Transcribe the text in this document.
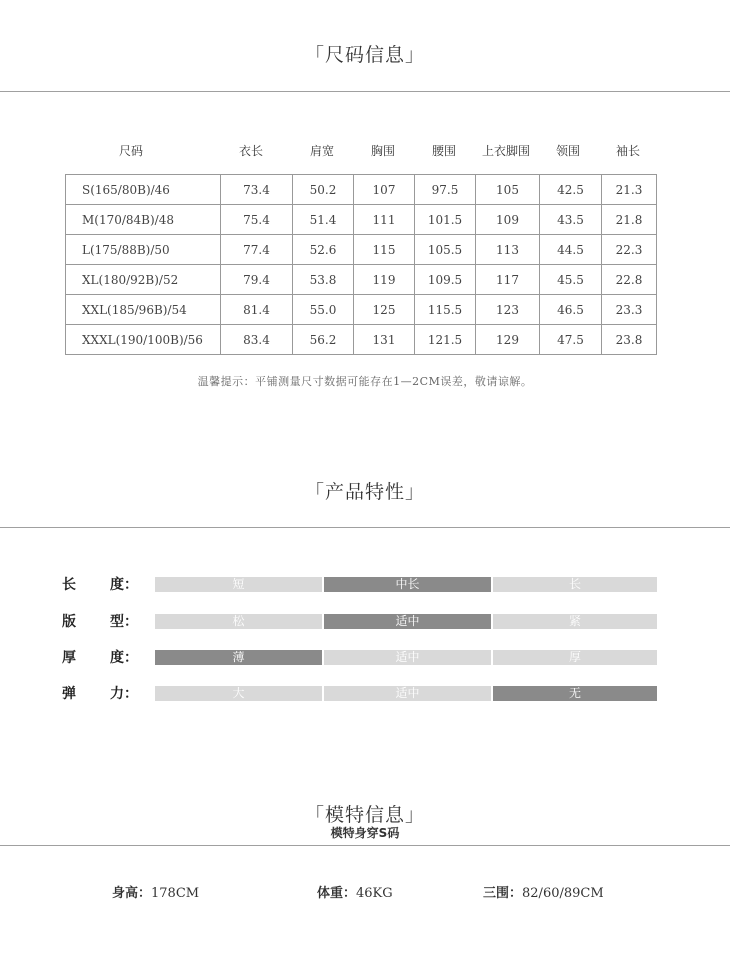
「尺码信息」
尺码	衣长	肩宽	胸围	腰围 上衣脚围 领围	袖长
S(165/80B)/46	73.4	50.2	107	97.5	105	42.5	21.3
M(170/84B)/48	75.4	51.4	111	101.5	109	43.5	21.8
L(175/88B)/50	77.4	52.6	115	105.5	113	44.5	22.3
XL(180/92B)/52	79.4	53.8	119	109.5	117	45.5	22.8
XXL(185/96B)/54	81.4	55.0	125	115.5	123	46.5	23.3
XXXL(190/100B)/56	83.4	56.2	131	121.5	129	47.5	23.8
温馨提示：平铺测量尺寸数据可能存在1—2CM误差，敬请谅解。
「产品特性」
长 度：	短	中长	长
版 型：	松	适中	紧
厚 度：	薄	适中	厚
弹 力：	大	适中	无
「模特信息」
模特身穿S码
身高：178CM	体重：46KG	三围：82/60/89CM
